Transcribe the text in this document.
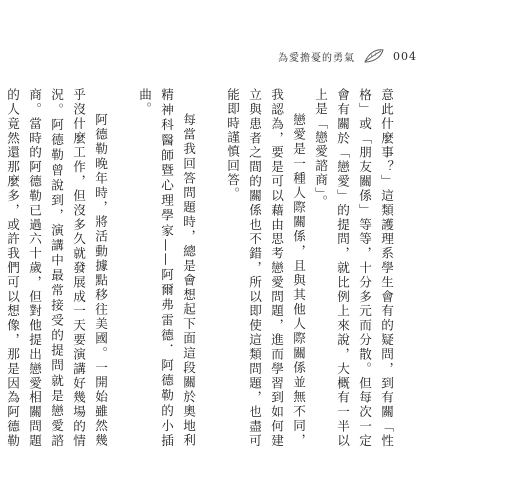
為愛擔憂的勇氣	004

意此什麼事？」這類護理系學生會有的疑問，到有關「性格」或「朋友關係」等等，十分多元而分散。但每次一定會有關於「戀愛」的提問，就比例上來說，大概有一半以上是「戀愛諮商」。

戀愛是一種人際關係，且與其他人際關係並無不同，我認為，要是可以藉由思考戀愛問題，進而學習到如何建立與患者之間的關係也不錯，所以即使這類問題，也盡可能即時謹慎回答。

每當我回答問題時，總是會想起下面這段關於奧地利精神科醫師暨心理學家——阿爾弗雷德．阿德勒的小插曲。

阿德勒晚年時，將活動據點移往美國。一開始雖然幾乎沒什麼工作，但沒多久就發展成一天要演講好幾場的情況。阿德勒曾說到，演講中最常接受的提問就是戀愛諮商。當時的阿德勒已過六十歲，但對他提出戀愛相關問題的人竟然還那麼多，或許我們可以想像，那是因為阿德勒
